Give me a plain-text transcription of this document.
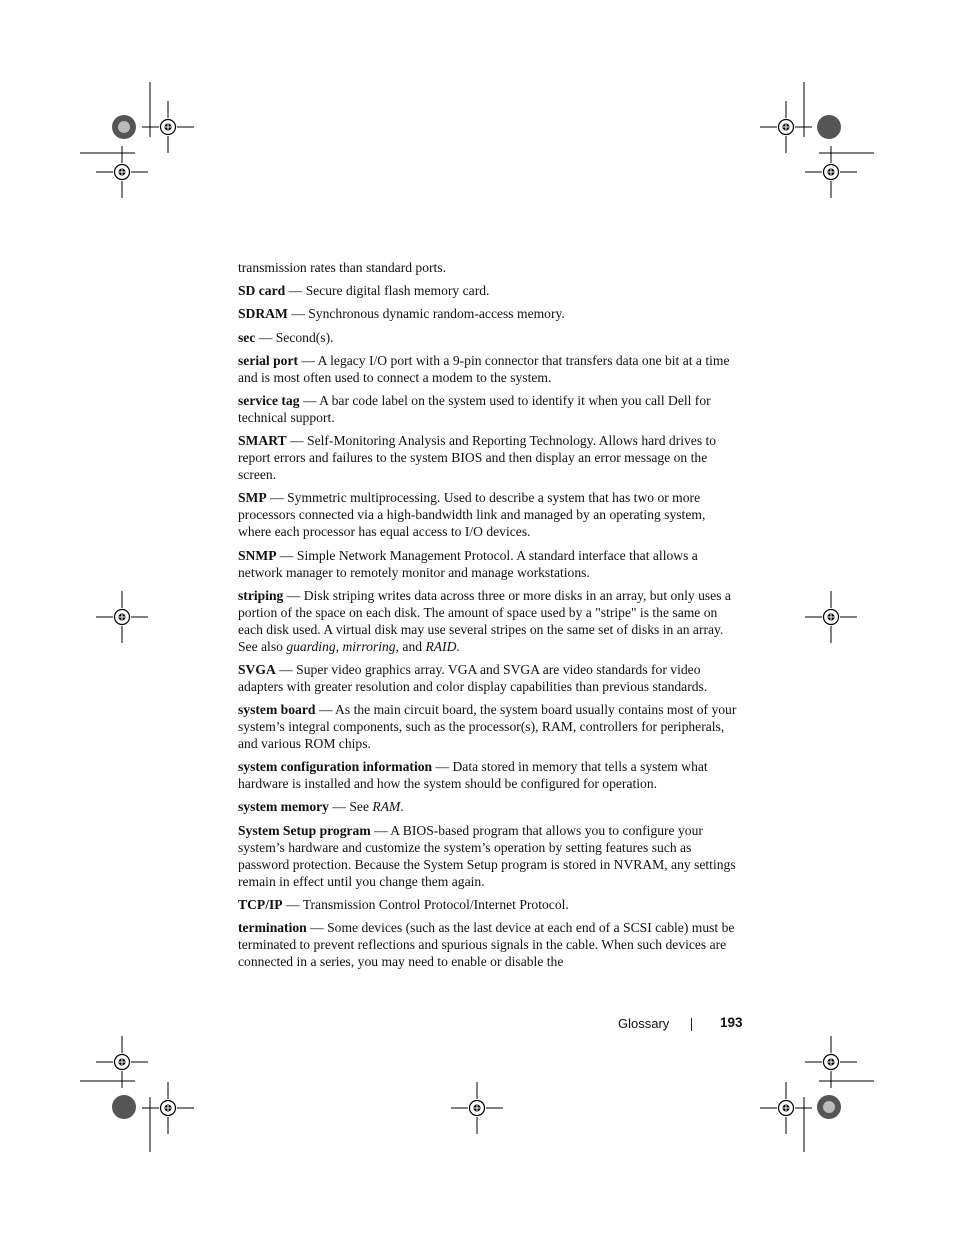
transmission rates than standard ports.

SD card — Secure digital flash memory card.

SDRAM — Synchronous dynamic random-access memory.

sec — Second(s).

serial port — A legacy I/O port with a 9-pin connector that transfers data one bit at a time and is most often used to connect a modem to the system.

service tag — A bar code label on the system used to identify it when you call Dell for technical support.

SMART — Self-Monitoring Analysis and Reporting Technology. Allows hard drives to report errors and failures to the system BIOS and then display an error message on the screen.

SMP — Symmetric multiprocessing. Used to describe a system that has two or more processors connected via a high-bandwidth link and managed by an operating system, where each processor has equal access to I/O devices.

SNMP — Simple Network Management Protocol. A standard interface that allows a network manager to remotely monitor and manage workstations.

striping — Disk striping writes data across three or more disks in an array, but only uses a portion of the space on each disk. The amount of space used by a "stripe" is the same on each disk used. A virtual disk may use several stripes on the same set of disks in an array. See also guarding, mirroring, and RAID.

SVGA — Super video graphics array. VGA and SVGA are video standards for video adapters with greater resolution and color display capabilities than previous standards.

system board — As the main circuit board, the system board usually contains most of your system’s integral components, such as the processor(s), RAM, controllers for peripherals, and various ROM chips.

system configuration information — Data stored in memory that tells a system what hardware is installed and how the system should be configured for operation.

system memory — See RAM.

System Setup program — A BIOS-based program that allows you to configure your system’s hardware and customize the system’s operation by setting features such as password protection. Because the System Setup program is stored in NVRAM, any settings remain in effect until you change them again.

TCP/IP — Transmission Control Protocol/Internet Protocol.

termination — Some devices (such as the last device at each end of a SCSI cable) must be terminated to prevent reflections and spurious signals in the cable. When such devices are connected in a series, you may need to enable or disable the

Glossary	193
